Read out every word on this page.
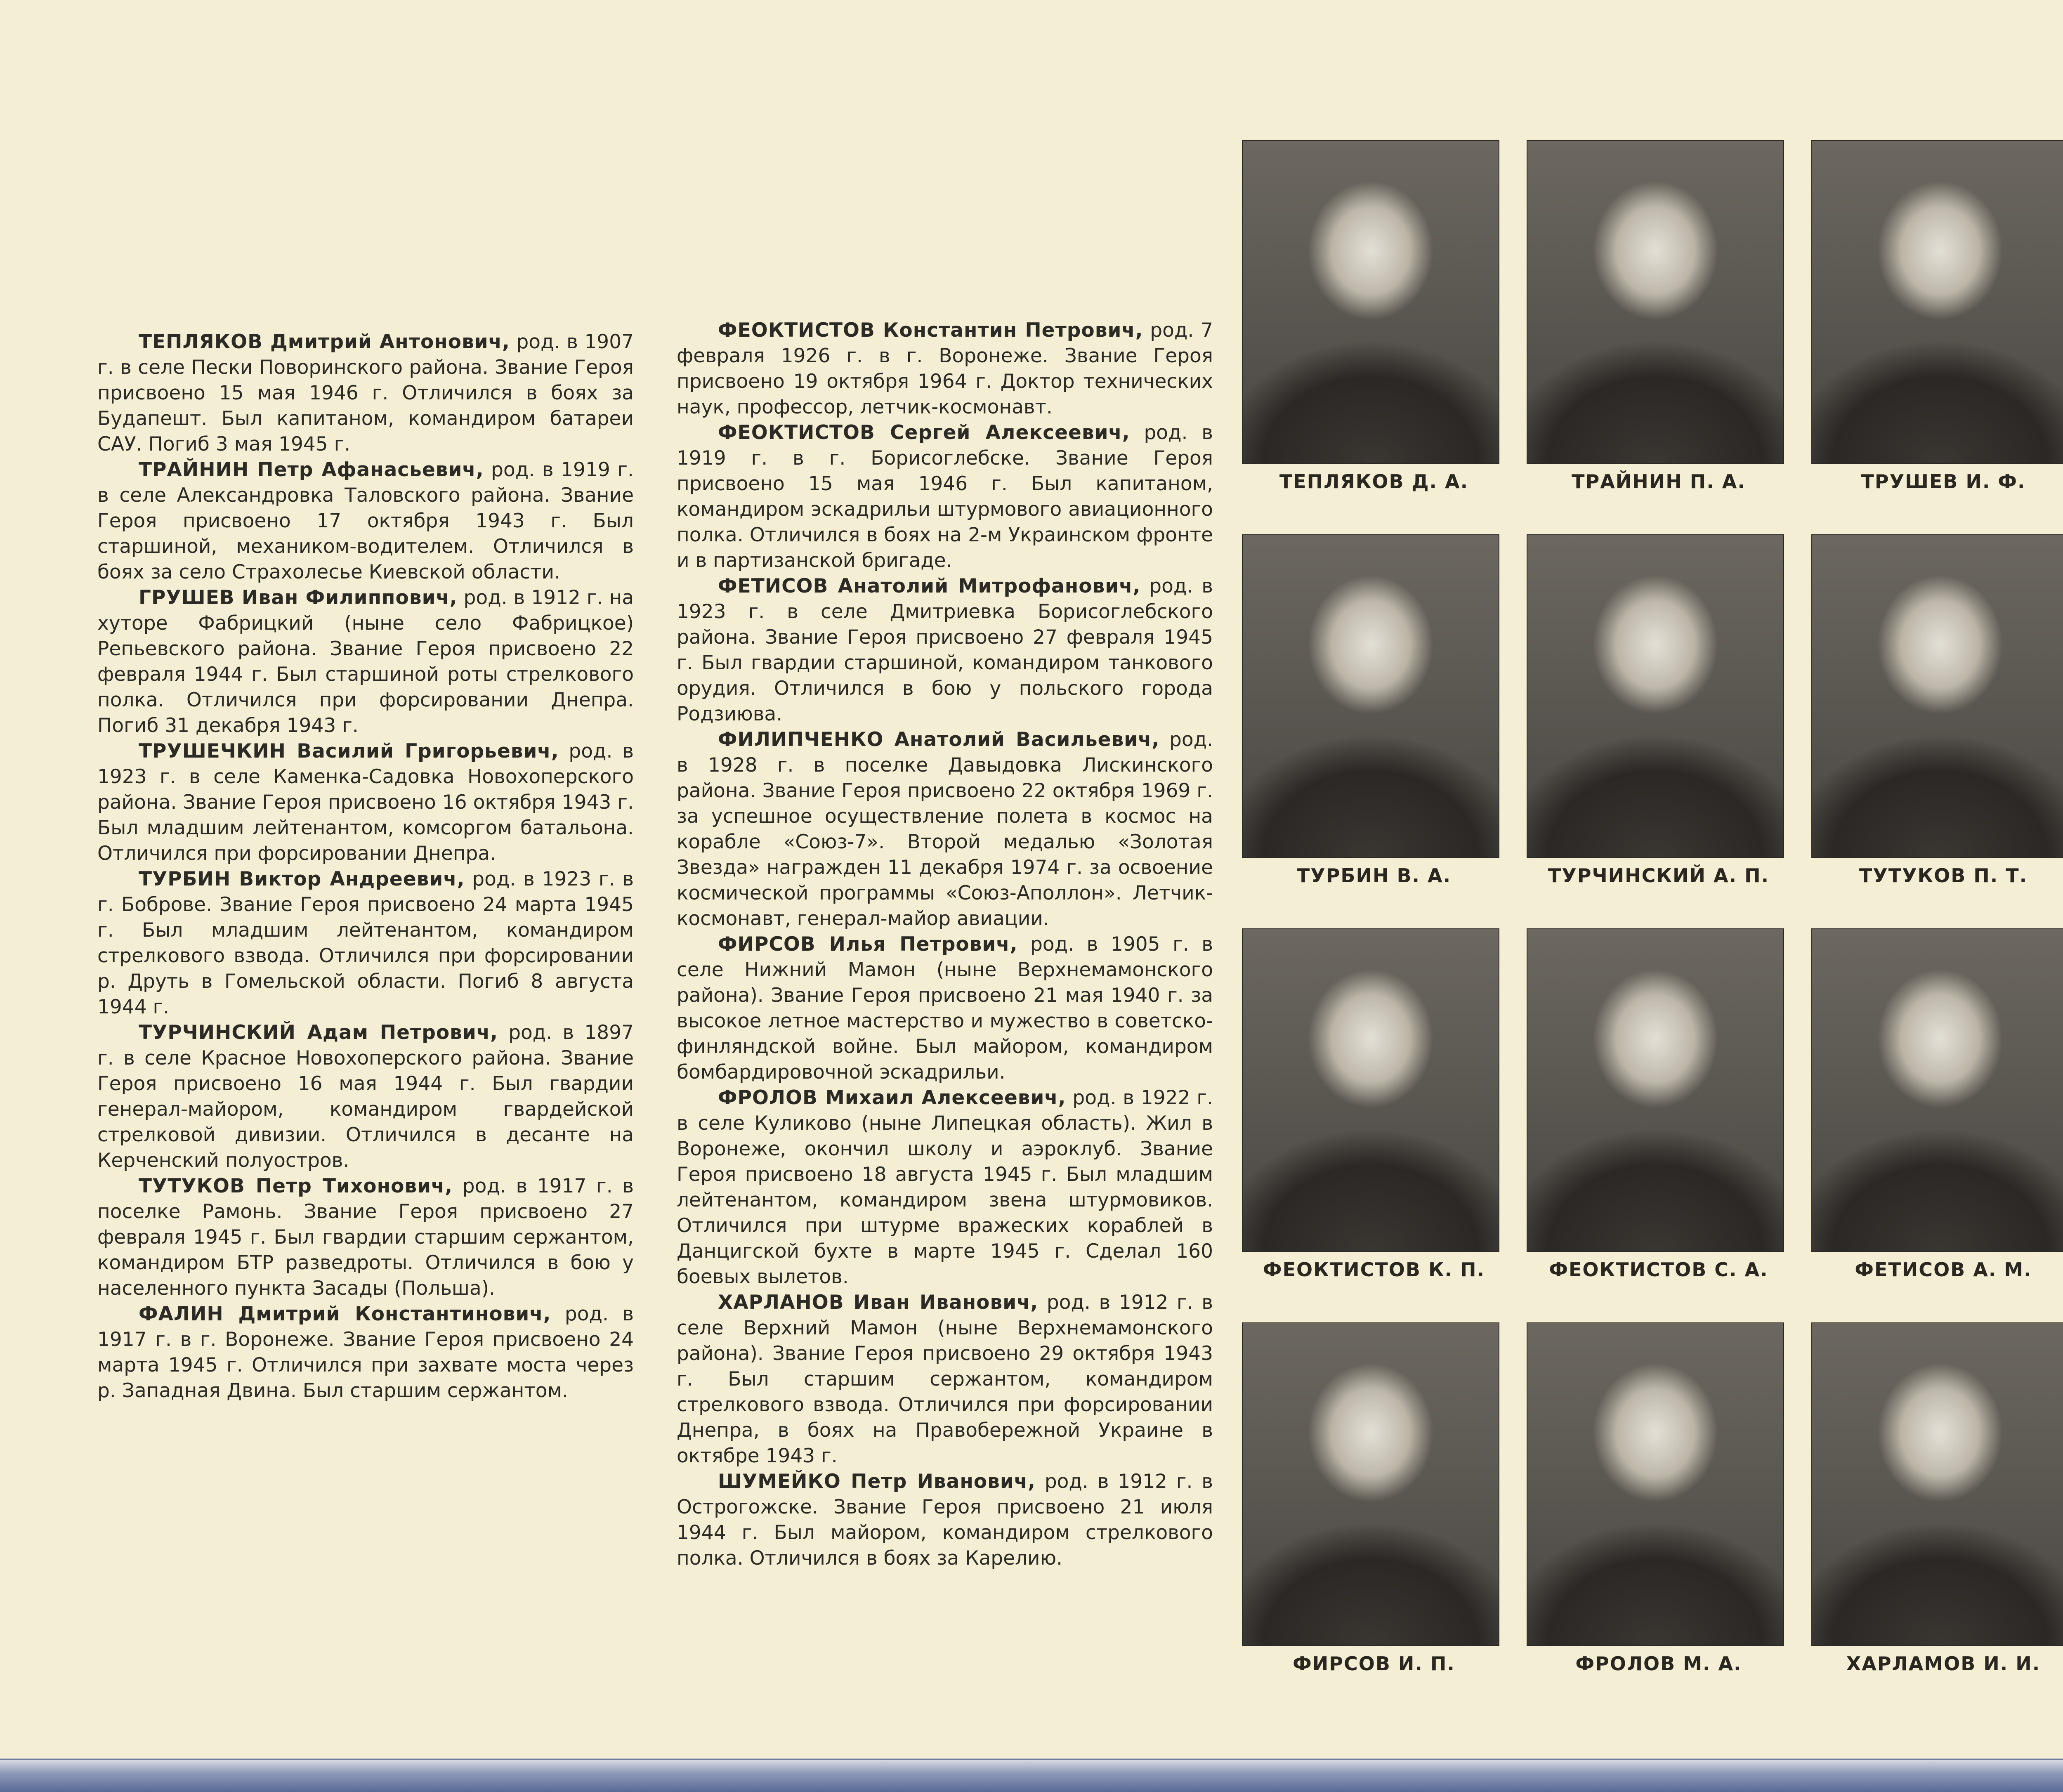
ТЕПЛЯКОВ Дмитрий Антонович, род. в 1907 г. в селе Пески Поворинского района. Звание Героя присвоено 15 мая 1946 г. Отличился в боях за Будапешт. Был капитаном, командиром батареи САУ. Погиб 3 мая 1945 г.

ТРАЙНИН Петр Афанасьевич, род. в 1919 г. в селе Александровка Таловского района. Звание Героя присвоено 17 октября 1943 г. Был старшиной, механиком-водителем. Отличился в боях за село Страхолесье Киевской области.

ГРУШЕВ Иван Филиппович, род. в 1912 г. на хуторе Фабрицкий (ныне село Фабрицкое) Репьевского района. Звание Героя присвоено 22 февраля 1944 г. Был старшиной роты стрелкового полка. Отличился при форсировании Днепра. Погиб 31 декабря 1943 г.

ТРУШЕЧКИН Василий Григорьевич, род. в 1923 г. в селе Каменка-Садовка Новохоперского района. Звание Героя присвоено 16 октября 1943 г. Был младшим лейтенантом, комсоргом батальона. Отличился при форсировании Днепра.

ТУРБИН Виктор Андреевич, род. в 1923 г. в г. Боброве. Звание Героя присвоено 24 марта 1945 г. Был младшим лейтенантом, командиром стрелкового взвода. Отличился при форсировании р. Друть в Гомельской области. Погиб 8 августа 1944 г.

ТУРЧИНСКИЙ Адам Петрович, род. в 1897 г. в селе Красное Новохоперского района. Звание Героя присвоено 16 мая 1944 г. Был гвардии генерал-майором, командиром гвардейской стрелковой дивизии. Отличился в десанте на Керченский полуостров.

ТУТУКОВ Петр Тихонович, род. в 1917 г. в поселке Рамонь. Звание Героя присвоено 27 февраля 1945 г. Был гвардии старшим сержантом, командиром БТР разведроты. Отличился в бою у населенного пункта Засады (Польша).

ФАЛИН Дмитрий Константинович, род. в 1917 г. в г. Воронеже. Звание Героя присвоено 24 марта 1945 г. Отличился при захвате моста через р. Западная Двина. Был старшим сержантом.

ФЕОКТИСТОВ Константин Петрович, род. 7 февраля 1926 г. в г. Воронеже. Звание Героя присвоено 19 октября 1964 г. Доктор технических наук, профессор, летчик-космонавт.

ФЕОКТИСТОВ Сергей Алексеевич, род. в 1919 г. в г. Борисоглебске. Звание Героя присвоено 15 мая 1946 г. Был капитаном, командиром эскадрильи штурмового авиационного полка. Отличился в боях на 2-м Украинском фронте и в партизанской бригаде.

ФЕТИСОВ Анатолий Митрофанович, род. в 1923 г. в селе Дмитриевка Борисоглебского района. Звание Героя присвоено 27 февраля 1945 г. Был гвардии старшиной, командиром танкового орудия. Отличился в бою у польского города Родзиюва.

ФИЛИПЧЕНКО Анатолий Васильевич, род. в 1928 г. в поселке Давыдовка Лискинского района. Звание Героя присвоено 22 октября 1969 г. за успешное осуществление полета в космос на корабле «Союз-7». Второй медалью «Золотая Звезда» награжден 11 декабря 1974 г. за освоение космической программы «Союз-Аполлон». Летчик-космонавт, генерал-майор авиации.

ФИРСОВ Илья Петрович, род. в 1905 г. в селе Нижний Мамон (ныне Верхнемамонского района). Звание Героя присвоено 21 мая 1940 г. за высокое летное мастерство и мужество в советско-финляндской войне. Был майором, командиром бомбардировочной эскадрильи.

ФРОЛОВ Михаил Алексеевич, род. в 1922 г. в селе Куликово (ныне Липецкая область). Жил в Воронеже, окончил школу и аэроклуб. Звание Героя присвоено 18 августа 1945 г. Был младшим лейтенантом, командиром звена штурмовиков. Отличился при штурме вражеских кораблей в Данцигской бухте в марте 1945 г. Сделал 160 боевых вылетов.

ХАРЛАНОВ Иван Иванович, род. в 1912 г. в селе Верхний Мамон (ныне Верхнемамонского района). Звание Героя присвоено 29 октября 1943 г. Был старшим сержантом, командиром стрелкового взвода. Отличился при форсировании Днепра, в боях на Правобережной Украине в октябре 1943 г.

ШУМЕЙКО Петр Иванович, род. в 1912 г. в Острогожске. Звание Героя присвоено 21 июля 1944 г. Был майором, командиром стрелкового полка. Отличился в боях за Карелию.

ТЕПЛЯКОВ Д. А.	ТРАЙНИН П. А.	ТРУШЕВ И. Ф.
ТУРБИН В. А.	ТУРЧИНСКИЙ А. П.	ТУТУКОВ П. Т.
ФЕОКТИСТОВ К. П.	ФЕОКТИСТОВ С. А.	ФЕТИСОВ А. М.
ФИРСОВ И. П.	ФРОЛОВ М. А.	ХАРЛАМОВ И. И.
